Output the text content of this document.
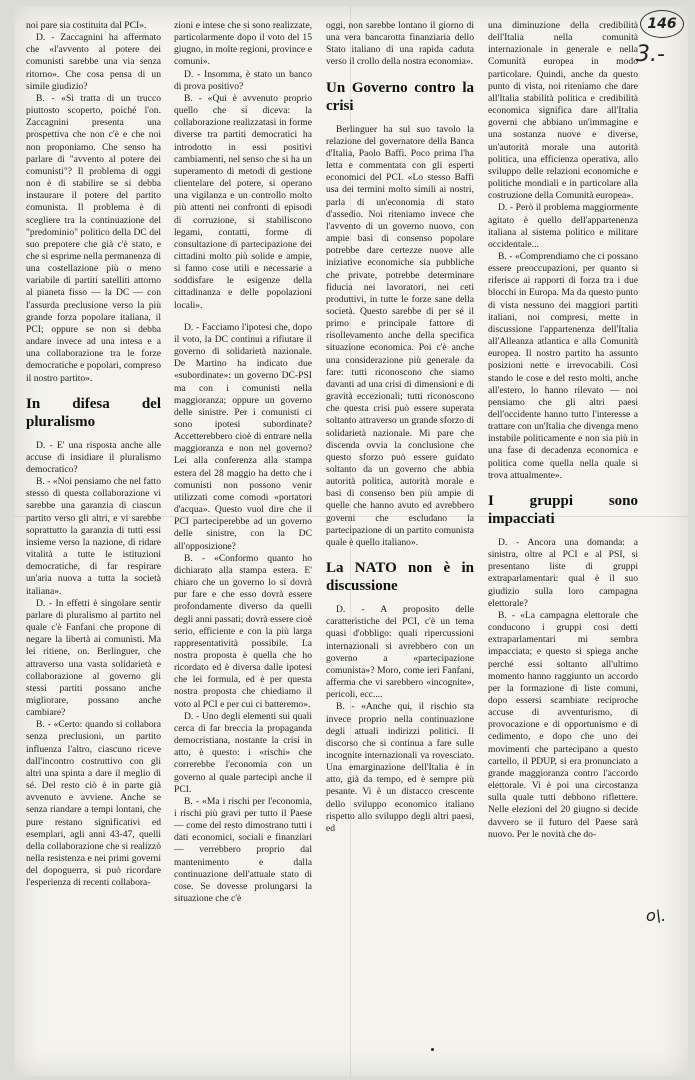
146
3.-
o\.

noi pare sia costituita dal PCI».

D. - Zaccagnini ha affermato che «l'avvento al potere dei comunisti sarebbe una via senza ritorno». Che cosa pensa di un simile giudizio?

B. - «Si tratta di un trucco piuttosto scoperto, poiché l'on. Zaccagnini presenta una prospettiva che non c'è e che noi non proponiamo. Che senso ha parlare di "avvento al potere dei comunisti"? Il problema di oggi non è di stabilire se si debba instaurare il potere del partito comunista. Il problema è di scegliere tra la continuazione del "predominio" politico della DC del suo prepotere che già c'è stato, e che si esprime nella permanenza di una costellazione più o meno variabile di partiti satelliti attorno al pianeta fisso — la DC — con l'assurda preclusione verso la più grande forza popolare italiana, il PCI; oppure se non si debba andare invece ad una intesa e a una collaborazione tra le forze democratiche e popolari, compreso il nostro partito».

In difesa del pluralismo

D. - E' una risposta anche alle accuse di insidiare il pluralismo democratico?

B. - «Noi pensiamo che nel fatto stesso di questa collaborazione vi sarebbe una garanzia di ciascun partito verso gli altri, e vi sarebbe soprattutto la garanzia di tutti essi insieme verso la nazione, di ridare vitalità a tutte le istituzioni democratiche, di far respirare un'aria nuova a tutta la società italiana».

D. - In effetti è singolare sentir parlare di pluralismo al partito nel quale c'è Fanfani che propone di negare la libertà ai comunisti. Ma lei ritiene, on. Berlinguer, che attraverso una vasta solidarietà e collaborazione al governo gli stessi partiti possano anche migliorare, possano anche cambiare?

B. - «Certo: quando si collabora senza preclusioni, un partito influenza l'altro, ciascuno riceve dall'incontro costruttivo con gli altri una spinta a dare il meglio di sé. Del resto ciò è in parte già avvenuto e avviene. Anche se senza riandare a tempi lontani, che pure restano significativi ed esemplari, agli anni 43-47, quelli della collaborazione che si realizzò nella resistenza e nei primi governi del dopoguerra, si può ricordare l'esperienza di recenti collabora-

zioni e intese che si sono realizzate, particolarmente dopo il voto del 15 giugno, in molte regioni, province e comuni».

D. - Insomma, è stato un banco di prova positivo?

B. - «Qui è avvenuto proprio quello che si diceva: la collaborazione realizzatasi in forme diverse tra partiti democratici ha introdotto in essi positivi cambiamenti, nel senso che si ha un superamento di metodi di gestione clientelare del potere, si operano una vigilanza e un controllo molto più attenti nei confronti di episodi di corruzione, si stabiliscono legami, contatti, forme di consultazione di partecipazione dei cittadini molto più solide e ampie, si fanno cose utili e necessarie a soddisfare le esigenze della cittadinanza e delle popolazioni locali».

D. - Facciamo l'ipotesi che, dopo il voto, la DC continui a rifiutare il governo di solidarietà nazionale. De Martino ha indicato due «subordinate»: un governo DC-PSI ma con i comunisti nella maggioranza; oppure un governo delle sinistre. Per i comunisti ci sono ipotesi subordinate? Accetterebbero cioè di entrare nella maggioranza e non nel governo? Lei alla conferenza alla stampa estera del 28 maggio ha detto che i comunisti non possono venir utilizzati come comodi «portatori d'acqua». Questo vuol dire che il PCI parteciperebbe ad un governo delle sinistre, con la DC all'opposizione?

B. - «Conformo quanto ho dichiarato alla stampa estera. E' chiaro che un governo lo si dovrà pur fare e che esso dovrà essere profondamente diverso da quelli degli anni passati; dovrà essere cioè serio, efficiente e con la più larga rappresentatività possibile. La nostra proposta è quella che ho ricordato ed è diversa dalle ipotesi che lei formula, ed è per questa nostra proposta che chiediamo il voto al PCI e per cui ci batteremo».

D. - Uno degli elementi sui quali cerca di far breccia la propaganda democristiana, nostante la crisi in atto, è questo: i «rischi» che correrebbe l'economia con un governo al quale partecipi anche il PCI.

B. - «Ma i rischi per l'economia, i rischi più gravi per tutto il Paese — come del resto dimostrano tutti i dati economici, sociali e finanziari — verrebbero proprio dal mantenimento e dalla continuazione dell'attuale stato di cose. Se dovesse prolungarsi la situazione che c'è

oggi, non sarebbe lontano il giorno di una vera bancarotta finanziaria dello Stato italiano di una rapida caduta verso il crollo della nostra economia».

Un Governo contro la crisi

Berlinguer ha sul suo tavolo la relazione del governatore della Banca d'Italia, Paolo Baffi. Poco prima l'ha letta e commentata con gli esperti economici del PCI. «Lo stesso Baffi usa dei termini molto simili ai nostri, parla di un'economia di stato d'assedio. Noi riteniamo invece che l'avvento di un governo nuovo, con ampie basi di consenso popolare potrebbe dare certezze nuove alle iniziative economiche sia pubbliche che private, potrebbe determinare fiducia nei lavoratori, nei ceti produttivi, in tutte le forze sane della società. Questo sarebbe di per sé il primo e principale fattore di risollevamento anche della specifica situazione economica. Poi c'è anche una considerazione più generale da fare: tutti riconoscono che siamo davanti ad una crisi di dimensioni e di gravità eccezionali; tutti riconoscono che questa crisi può essere superata soltanto attraverso un grande sforzo di solidarietà nazionale. Mi pare che discenda ovvia la conclusione che questo sforzo può essere guidato soltanto da un governo che abbia autorità politica, autorità morale e basi di consenso ben più ampie di quelle che hanno avuto ed avrebbero governi che escludano la partecipazione di un partito comunista quale è quello italiano».

La NATO non è in discussione

D. - A proposito delle caratteristiche del PCI, c'è un tema quasi d'obbligo: quali ripercussioni internazionali si avrebbero con un governo a «partecipazione comunista»? Moro, come ieri Fanfani, afferma che vi sarebbero «incognite», pericoli, ecc....

B. - «Anche qui, il rischio sta invece proprio nella continuazione degli attuali indirizzi politici. Il discorso che si continua a fare sulle incognite internazionali va rovesciato. Una emarginazione dell'Italia è in atto, già da tempo, ed è sempre più pesante. Vi è un distacco crescente dello sviluppo economico italiano rispetto allo sviluppo degli altri paesi, ed

una diminuzione della credibilità dell'Italia nella comunità internazionale in generale e nella Comunità europea in modo particolare. Quindi, anche da questo punto di vista, noi riteniamo che dare all'Italia stabilità politica e credibilità economica significa dare all'Italia governi che abbiano un'immagine e una sostanza nuove e diverse, un'autorità morale una autorità politica, una efficienza operativa, allo sviluppo delle relazioni economiche e politiche mondiali e in particolare alla costruzione della Comunità europea».

D. - Però il problema maggiormente agitato è quello dell'appartenenza italiana al sistema politico e militare occidentale...

B. - «Comprendiamo che ci possano essere preoccupazioni, per quanto si riferisce ai rapporti di forza tra i due blocchi in Europa. Ma da questo punto di vista nessuno dei maggiori partiti italiani, noi compresi, mette in discussione l'appartenenza dell'Italia all'Alleanza atlantica e alla Comunità europea. Il nostro partito ha assunto posizioni nette e irrevocabili. Così stando le cose e del resto molti, anche all'estero, lo hanno rilevato — noi pensiamo che gli altri paesi dell'occidente hanno tutto l'interesse a trattare con un'Italia che divenga meno instabile politicamente e non sia più in una fase di decadenza economica e politica come quella nella quale si trova attualmente».

I gruppi sono impacciati

D. - Ancora una domanda: a sinistra, oltre al PCI e al PSI, si presentano liste di gruppi extraparlamentari: qual è il suo giudizio sulla loro campagna elettorale?

B. - «La campagna elettorale che conducono i gruppi così detti extraparlamentari mi sembra impacciata; e questo si spiega anche perché essi soltanto all'ultimo momento hanno raggiunto un accordo per la formazione di liste comuni, dopo essersi scambiate reciproche accuse di avventurismo, di provocazione e di opportunismo e di cedimento, e dopo che uno dei movimenti che partecipano a questo cartello, il PDUP, si era pronunciato a grande maggioranza contro l'accordo elettorale. Vi è poi una circostanza sulla quale tutti debbono riflettere. Nelle elezioni del 20 giugno si decide davvero se il futuro del Paese sarà nuovo. Per le novità che do-
